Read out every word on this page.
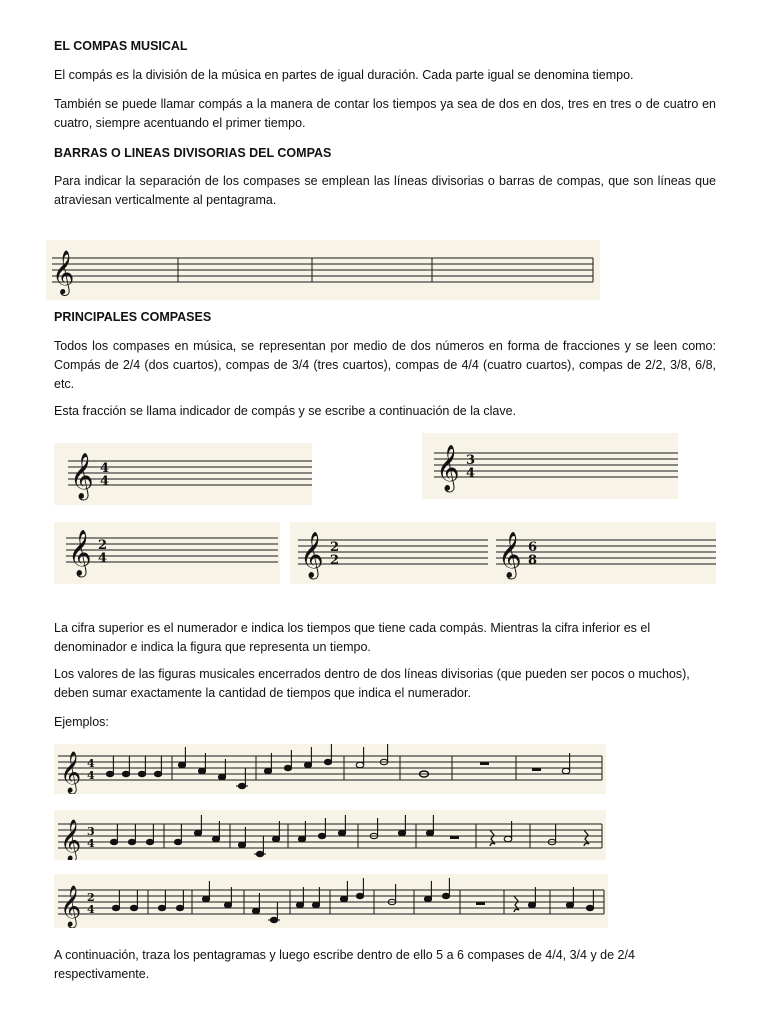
EL COMPAS MUSICAL
El compás es la división de la música en partes de igual duración. Cada parte igual se denomina tiempo.
También se puede llamar compás a la manera de contar los tiempos ya sea de dos en dos, tres en tres o de cuatro en cuatro, siempre acentuando el primer tiempo.
BARRAS O LINEAS DIVISORIAS DEL COMPAS
Para indicar la separación de los compases se emplean las líneas divisorias o barras de compas, que son líneas que atraviesan verticalmente al pentagrama.
𝄞
PRINCIPALES COMPASES
Todos los compases en música, se representan por medio de dos números en forma de fracciones y se leen como: Compás de 2/4 (dos cuartos), compas de 3/4 (tres cuartos), compas de 4/4 (cuatro cuartos), compas de 2/2, 3/8, 6/8, etc.
Esta fracción se llama indicador de compás y se escribe a continuación de la clave.
𝄞 4
4	𝄞 3
4
𝄞 2
4	𝄞 2
2	𝄞 6
8
La cifra superior es el numerador e indica los tiempos que tiene cada compás. Mientras la cifra inferior es el denominador e indica la figura que representa un tiempo.
Los valores de las figuras musicales encerrados dentro de dos líneas divisorias (que pueden ser pocos o muchos), deben sumar exactamente la cantidad de tiempos que indica el numerador.
Ejemplos:
𝄞 4
4
𝄞 3
4
𝄞 2
4
A continuación, traza los pentagramas y luego escribe dentro de ello 5 a 6 compases de 4/4, 3/4 y de 2/4 respectivamente.
